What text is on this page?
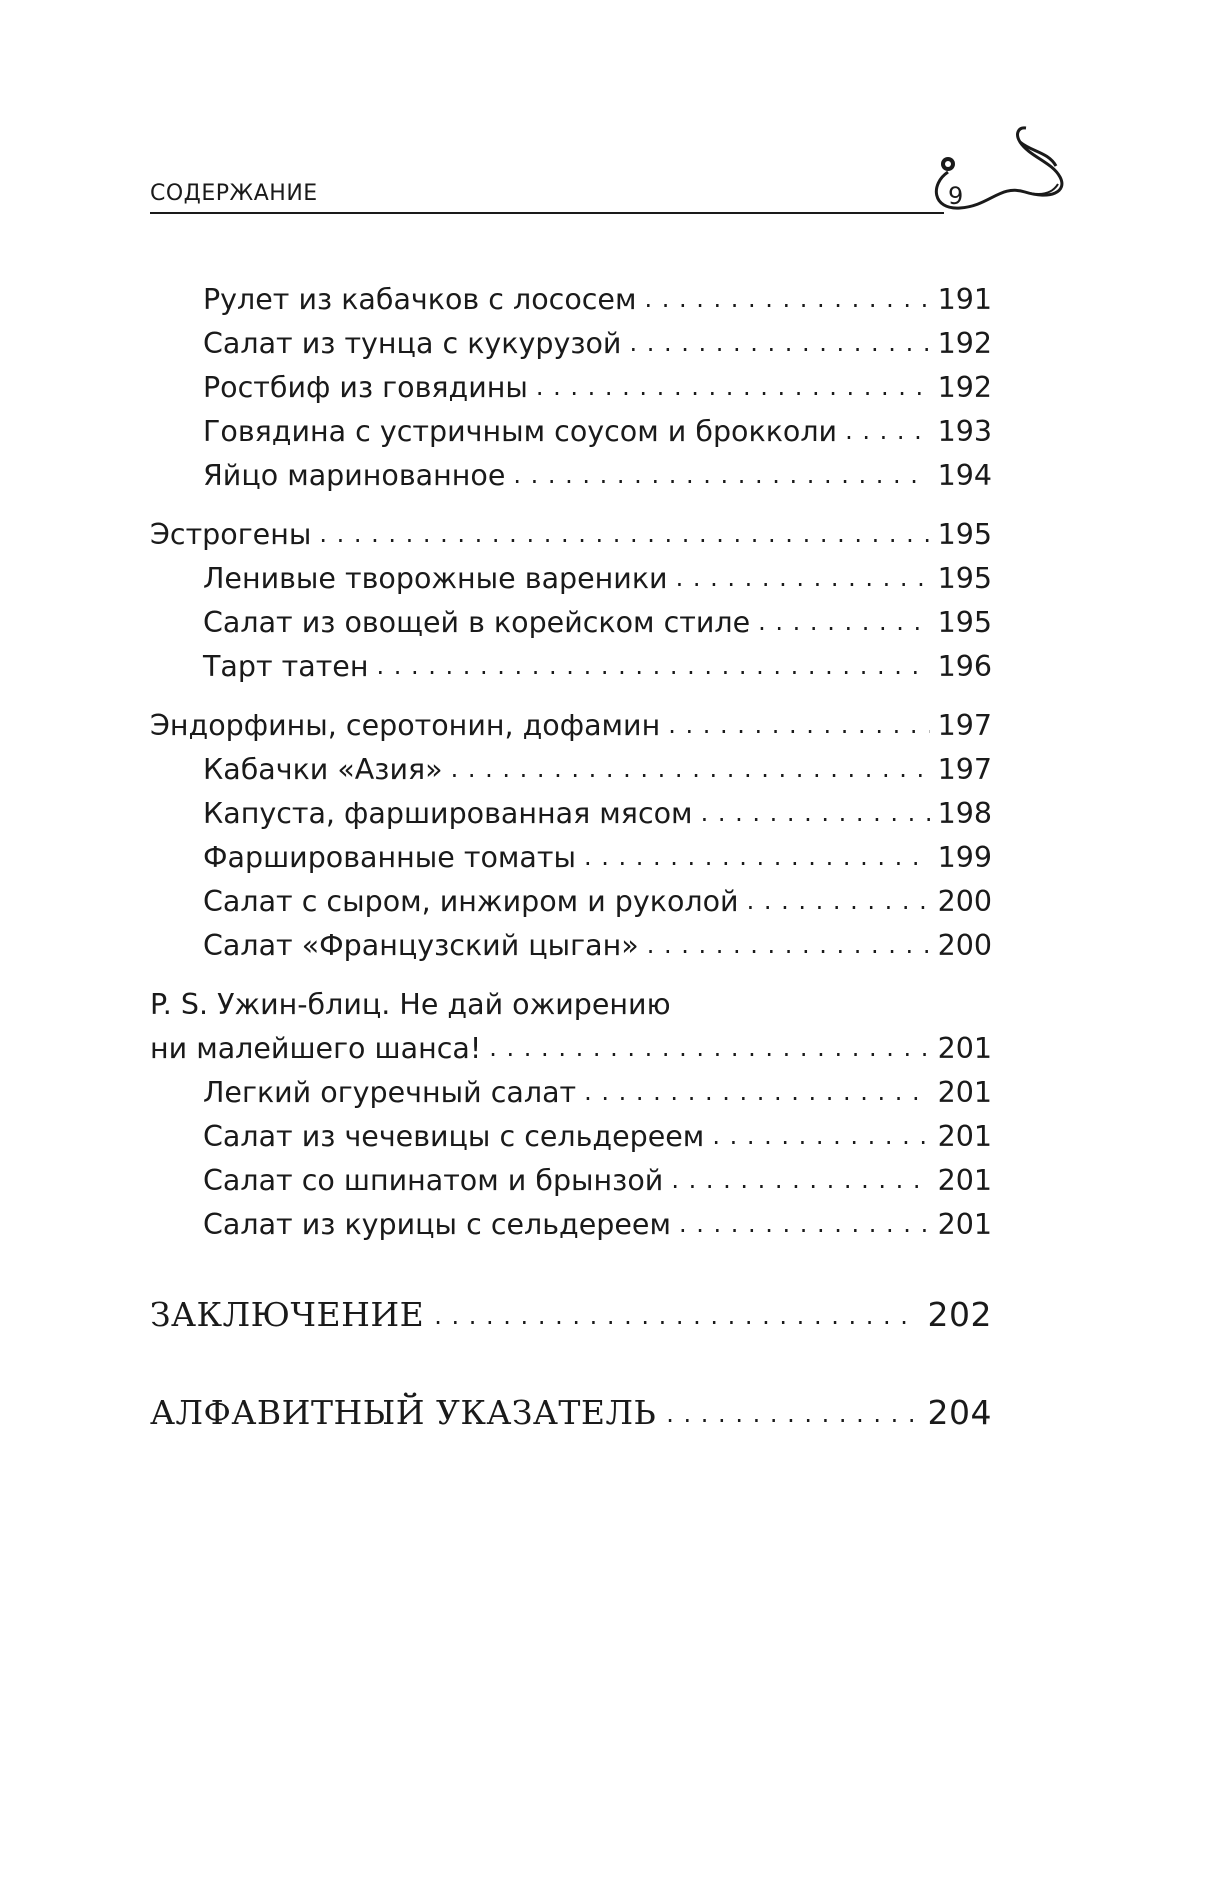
СОДЕРЖАНИЕ	9
Рулет из кабачков с лососем . . .	191
Салат из тунца с кукурузой . . .	192
Ростбиф из говядины . . .	192
Говядина с устричным соусом и брокколи . . .	193
Яйцо маринованное . . .	194
Эстрогены . . .	195
Ленивые творожные вареники . . .	195
Салат из овощей в корейском стиле . . .	195
Тарт татен . . .	196
Эндорфины, серотонин, дофамин . . .	197
Кабачки «Азия» . . .	197
Капуста, фаршированная мясом . . .	198
Фаршированные томаты . . .	199
Салат с сыром, инжиром и руколой . . .	200
Салат «Французский цыган» . . .	200
P. S. Ужин-блиц. Не дай ожирению
ни малейшего шанса! . . .	201
Легкий огуречный салат . . .	201
Салат из чечевицы с сельдереем . . .	201
Салат со шпинатом и брынзой . . .	201
Салат из курицы с сельдереем . . .	201
ЗАКЛЮЧЕНИЕ . . .	202
АЛФАВИТНЫЙ УКАЗАТЕЛЬ . . .	204
